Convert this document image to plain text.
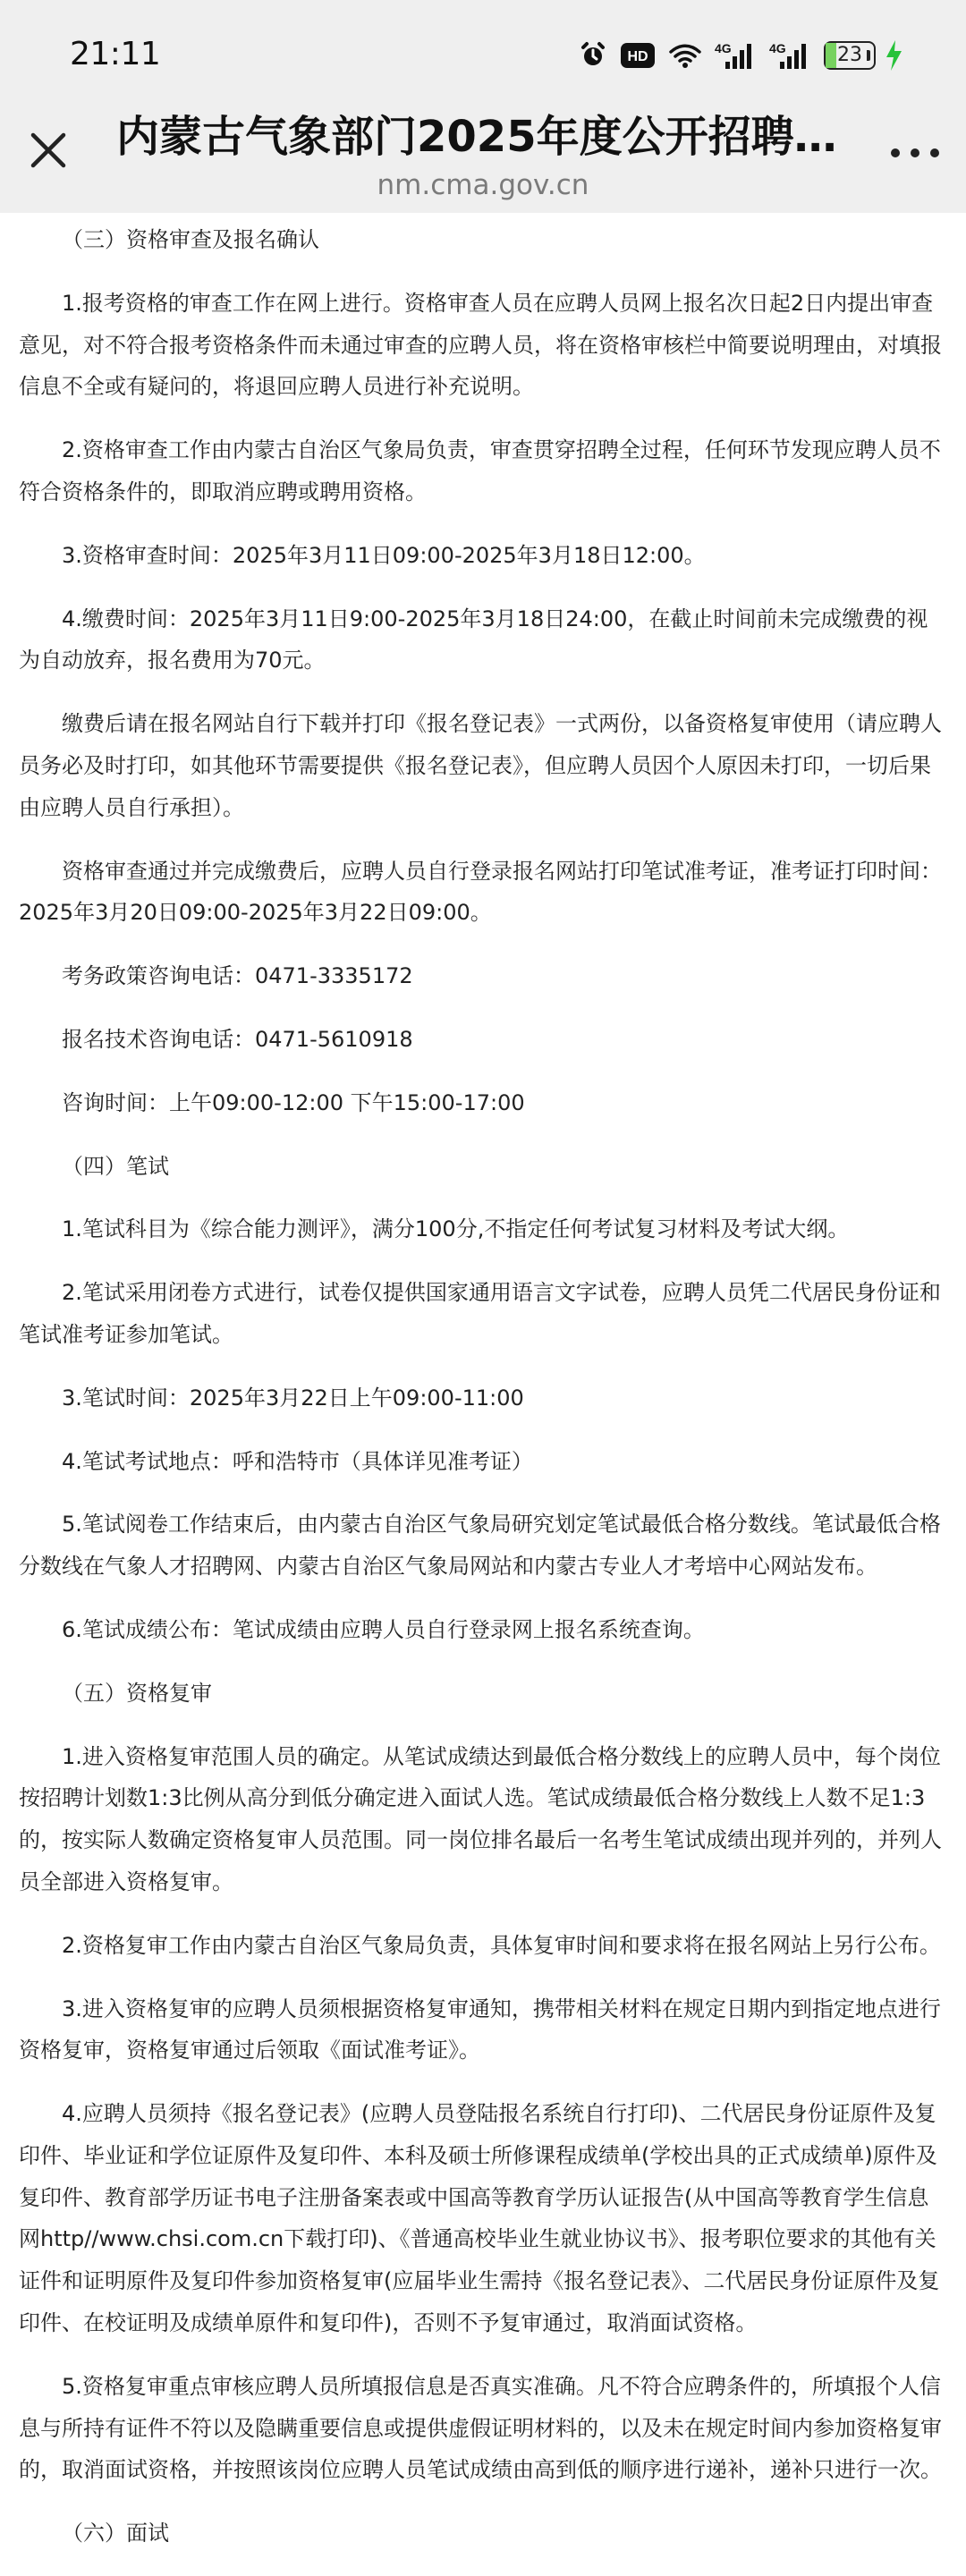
21:11	HD
4G	4G	23
内蒙古气象部门2025年度公开招聘…
nm.cma.gov.cn

（三）资格审查及报名确认

1.报考资格的审查工作在网上进行。资格审查人员在应聘人员网上报名次日起2日内提出审查意见，对不符合报考资格条件而未通过审查的应聘人员，将在资格审核栏中简要说明理由，对填报信息不全或有疑问的，将退回应聘人员进行补充说明。

2.资格审查工作由内蒙古自治区气象局负责，审查贯穿招聘全过程，任何环节发现应聘人员不符合资格条件的，即取消应聘或聘用资格。

3.资格审查时间：2025年3月11日09:00-2025年3月18日12:00。

4.缴费时间：2025年3月11日9:00-2025年3月18日24:00，在截止时间前未完成缴费的视为自动放弃，报名费用为70元。

缴费后请在报名网站自行下载并打印《报名登记表》一式两份，以备资格复审使用（请应聘人员务必及时打印，如其他环节需要提供《报名登记表》，但应聘人员因个人原因未打印，一切后果由应聘人员自行承担）。

资格审查通过并完成缴费后，应聘人员自行登录报名网站打印笔试准考证，准考证打印时间：2025年3月20日09:00-2025年3月22日09:00。

考务政策咨询电话：0471-3335172

报名技术咨询电话：0471-5610918

咨询时间：上午09:00-12:00 下午15:00-17:00

（四）笔试

1.笔试科目为《综合能力测评》，满分100分,不指定任何考试复习材料及考试大纲。

2.笔试采用闭卷方式进行，试卷仅提供国家通用语言文字试卷，应聘人员凭二代居民身份证和笔试准考证参加笔试。

3.笔试时间：2025年3月22日上午09:00-11:00

4.笔试考试地点：呼和浩特市（具体详见准考证）

5.笔试阅卷工作结束后，由内蒙古自治区气象局研究划定笔试最低合格分数线。笔试最低合格分数线在气象人才招聘网、内蒙古自治区气象局网站和内蒙古专业人才考培中心网站发布。

6.笔试成绩公布：笔试成绩由应聘人员自行登录网上报名系统查询。

（五）资格复审

1.进入资格复审范围人员的确定。从笔试成绩达到最低合格分数线上的应聘人员中，每个岗位按招聘计划数1:3比例从高分到低分确定进入面试人选。笔试成绩最低合格分数线上人数不足1:3的，按实际人数确定资格复审人员范围。同一岗位排名最后一名考生笔试成绩出现并列的，并列人员全部进入资格复审。

2.资格复审工作由内蒙古自治区气象局负责，具体复审时间和要求将在报名网站上另行公布。

3.进入资格复审的应聘人员须根据资格复审通知，携带相关材料在规定日期内到指定地点进行资格复审，资格复审通过后领取《面试准考证》。

4.应聘人员须持《报名登记表》(应聘人员登陆报名系统自行打印)、二代居民身份证原件及复印件、毕业证和学位证原件及复印件、本科及硕士所修课程成绩单(学校出具的正式成绩单)原件及复印件、教育部学历证书电子注册备案表或中国高等教育学历认证报告(从中国高等教育学生信息网http//www.chsi.com.cn下载打印)、《普通高校毕业生就业协议书》、报考职位要求的其他有关证件和证明原件及复印件参加资格复审(应届毕业生需持《报名登记表》、二代居民身份证原件及复印件、在校证明及成绩单原件和复印件)，否则不予复审通过，取消面试资格。

5.资格复审重点审核应聘人员所填报信息是否真实准确。凡不符合应聘条件的，所填报个人信息与所持有证件不符以及隐瞒重要信息或提供虚假证明材料的，以及未在规定时间内参加资格复审的，取消面试资格，并按照该岗位应聘人员笔试成绩由高到低的顺序进行递补，递补只进行一次。

（六）面试
